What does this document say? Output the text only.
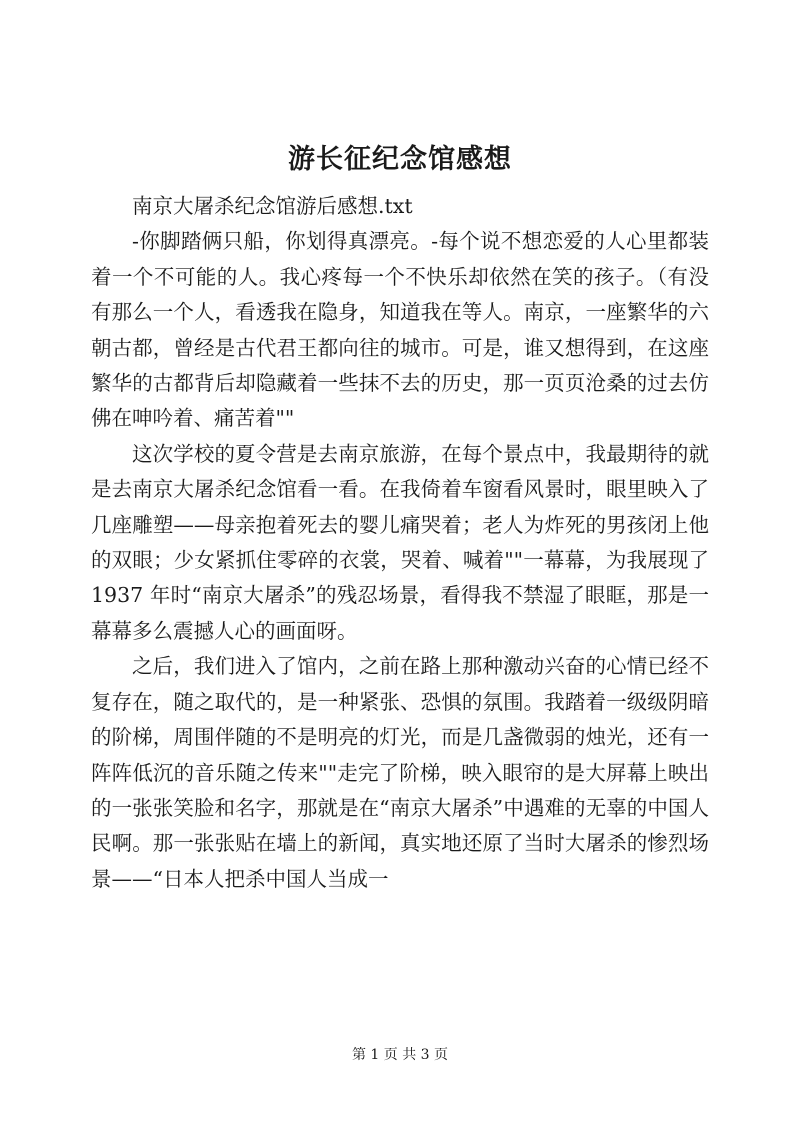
游长征纪念馆感想

南京大屠杀纪念馆游后感想.txt

-你脚踏俩只船，你划得真漂亮。-每个说不想恋爱的人心里都装着一个不可能的人。我心疼每一个不快乐却依然在笑的孩子。（有没有那么一个人，看透我在隐身，知道我在等人。南京，一座繁华的六朝古都，曾经是古代君王都向往的城市。可是，谁又想得到，在这座繁华的古都背后却隐藏着一些抹不去的历史，那一页页沧桑的过去仿佛在呻吟着、痛苦着""

这次学校的夏令营是去南京旅游，在每个景点中，我最期待的就是去南京大屠杀纪念馆看一看。在我倚着车窗看风景时，眼里映入了几座雕塑——母亲抱着死去的婴儿痛哭着；老人为炸死的男孩闭上他的双眼；少女紧抓住零碎的衣裳，哭着、喊着""一幕幕，为我展现了 1937 年时“南京大屠杀”的残忍场景，看得我不禁湿了眼眶，那是一幕幕多么震撼人心的画面呀。

之后，我们进入了馆内，之前在路上那种激动兴奋的心情已经不复存在，随之取代的，是一种紧张、恐惧的氛围。我踏着一级级阴暗的阶梯，周围伴随的不是明亮的灯光，而是几盏微弱的烛光，还有一阵阵低沉的音乐随之传来""走完了阶梯，映入眼帘的是大屏幕上映出的一张张笑脸和名字，那就是在“南京大屠杀”中遇难的无辜的中国人民啊。那一张张贴在墙上的新闻，真实地还原了当时大屠杀的惨烈场景——“日本人把杀中国人当成一

第 1 页 共 3 页
